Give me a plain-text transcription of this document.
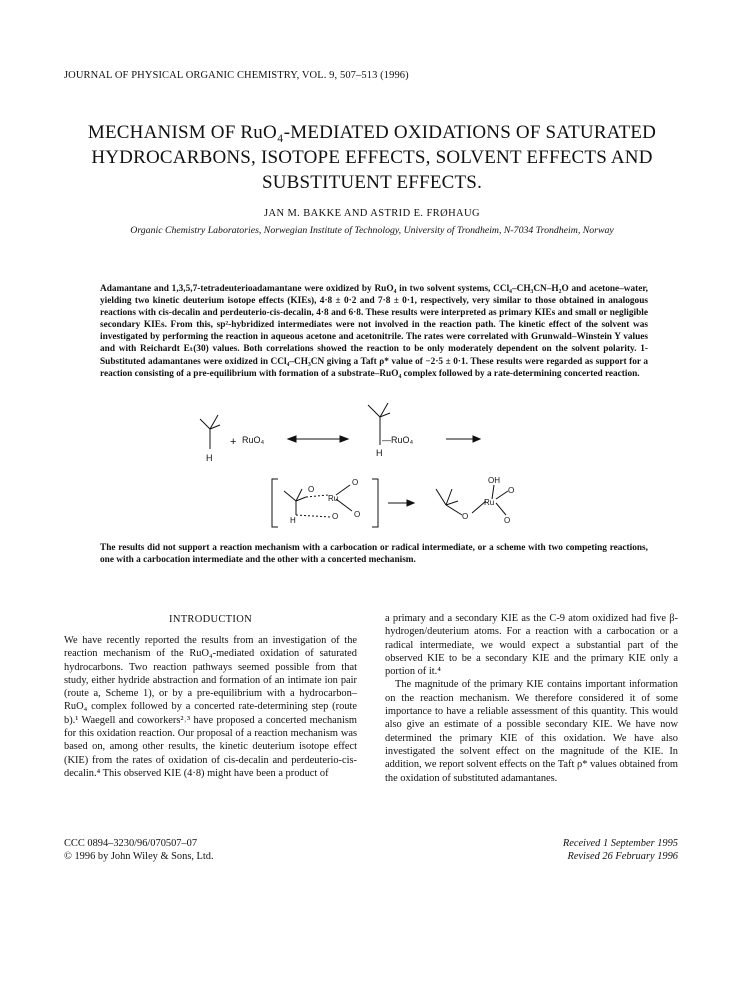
JOURNAL OF PHYSICAL ORGANIC CHEMISTRY, VOL. 9, 507–513 (1996)
MECHANISM OF RuO₄-MEDIATED OXIDATIONS OF SATURATED
HYDROCARBONS, ISOTOPE EFFECTS, SOLVENT EFFECTS AND
SUBSTITUENT EFFECTS.
JAN M. BAKKE AND ASTRID E. FRØHAUG
Organic Chemistry Laboratories, Norwegian Institute of Technology, University of Trondheim, N-7034 Trondheim, Norway
Adamantane and 1,3,5,7-tetradeuterioadamantane were oxidized by RuO₄ in two solvent systems, CCl₄–CH₃CN–H₂O and acetone–water, yielding two kinetic deuterium isotope effects (KIEs), 4·8 ± 0·2 and 7·8 ± 0·1, respectively, very similar to those obtained in analogous reactions with cis-decalin and perdeuterio-cis-decalin, 4·8 and 6·8. These results were interpreted as primary KIEs and small or negligible secondary KIEs. From this, sp²-hybridized intermediates were not involved in the reaction path. The kinetic effect of the solvent was investigated by performing the reaction in aqueous acetone and acetonitrile. The rates were correlated with Grunwald–Winstein Y values and with Reichardt Eₜ(30) values. Both correlations showed the reaction to be only moderately dependent on the solvent polarity. 1-Substituted adamantanes were oxidized in CCl₄–CH₃CN giving a Taft ρ* value of −2·5 ± 0·1. These results were regarded as support for a reaction consisting of a pre-equilibrium with formation of a substrate–RuO₄ complex followed by a rate-determining concerted reaction.
H
+ RuO₄	—RuO₄
H
O
Ru
O
O
H	O	O
Ru
OH
O
O
The results did not support a reaction mechanism with a carbocation or radical intermediate, or a scheme with two competing reactions, one with a carbocation intermediate and the other with a concerted mechanism.
INTRODUCTION

We have recently reported the results from an investigation of the reaction mechanism of the RuO₄-mediated oxidation of saturated hydrocarbons. Two reaction pathways seemed possible from that study, either hydride abstraction and formation of an intimate ion pair (route a, Scheme 1), or by a pre-equilibrium with a hydrocarbon–RuO₄ complex followed by a concerted rate-determining step (route b).¹ Waegell and coworkers²˒³ have proposed a concerted mechanism for this oxidation reaction. Our proposal of a reaction mechanism was based on, among other results, the kinetic deuterium isotope effect (KIE) from the rates of oxidation of cis-decalin and perdeuterio-cis-decalin.⁴ This observed KIE (4·8) might have been a product of

a primary and a secondary KIE as the C-9 atom oxidized had five β-hydrogen/deuterium atoms. For a reaction with a carbocation or a radical intermediate, we would expect a substantial part of the observed KIE to be a secondary KIE and the primary KIE only a portion of it.⁴

The magnitude of the primary KIE contains important information on the reaction mechanism. We therefore considered it of some importance to have a reliable assessment of this quantity. This would also give an estimate of a possible secondary KIE. We have now determined the primary KIE of this oxidation. We have also investigated the solvent effect on the magnitude of the KIE. In addition, we report solvent effects on the Taft ρ* values obtained from the oxidation of substituted adamantanes.

CCC 0894–3230/96/070507–07
© 1996 by John Wiley & Sons, Ltd.
Received 1 September 1995
Revised 26 February 1996
